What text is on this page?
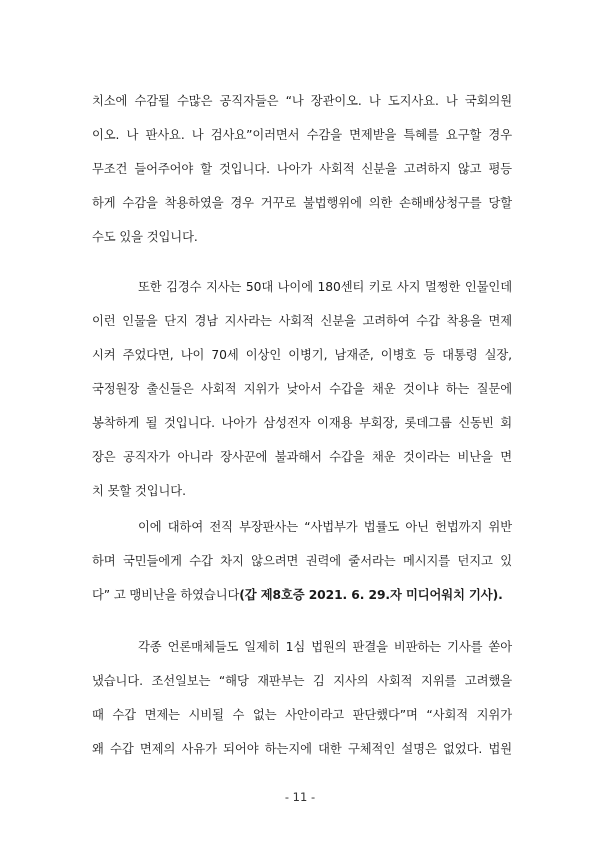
치소에 수감될 수많은 공직자들은 “나 장관이오. 나 도지사요. 나 국회의원
이오. 나 판사요. 나 검사요”이러면서 수감을 면제받을 특혜를 요구할 경우
무조건 들어주어야 할 것입니다. 나아가 사회적 신분을 고려하지 않고 평등
하게 수감을 착용하였을 경우 거꾸로 불법행위에 의한 손해배상청구를 당할
수도 있을 것입니다.
또한 김경수 지사는 50대 나이에 180센티 키로 사지 멀쩡한 인물인데
이런 인물을 단지 경남 지사라는 사회적 신분을 고려하여 수갑 착용을 면제
시켜 주었다면, 나이 70세 이상인 이병기, 남재준, 이병호 등 대통령 실장,
국정원장 출신들은 사회적 지위가 낮아서 수갑을 채운 것이냐 하는 질문에
봉착하게 될 것입니다. 나아가 삼성전자 이재용 부회장, 롯데그룹 신동빈 회
장은 공직자가 아니라 장사꾼에 불과해서 수갑을 채운 것이라는 비난을 면
치 못할 것입니다.
이에 대하여 전직 부장판사는 “사법부가 법률도 아닌 헌법까지 위반
하며 국민들에게 수갑 차지 않으려면 권력에 줄서라는 메시지를 던지고 있
다” 고 맹비난을 하였습니다(갑 제8호증 2021. 6. 29.자 미디어워치 기사).
각종 언론매체들도 일제히 1심 법원의 판결을 비판하는 기사를 쏟아
냈습니다. 조선일보는 “해당 재판부는 김 지사의 사회적 지위를 고려했을
때 수갑 면제는 시비될 수 없는 사안이라고 판단했다”며 “사회적 지위가
왜 수갑 면제의 사유가 되어야 하는지에 대한 구체적인 설명은 없었다. 법원
- 11 -
